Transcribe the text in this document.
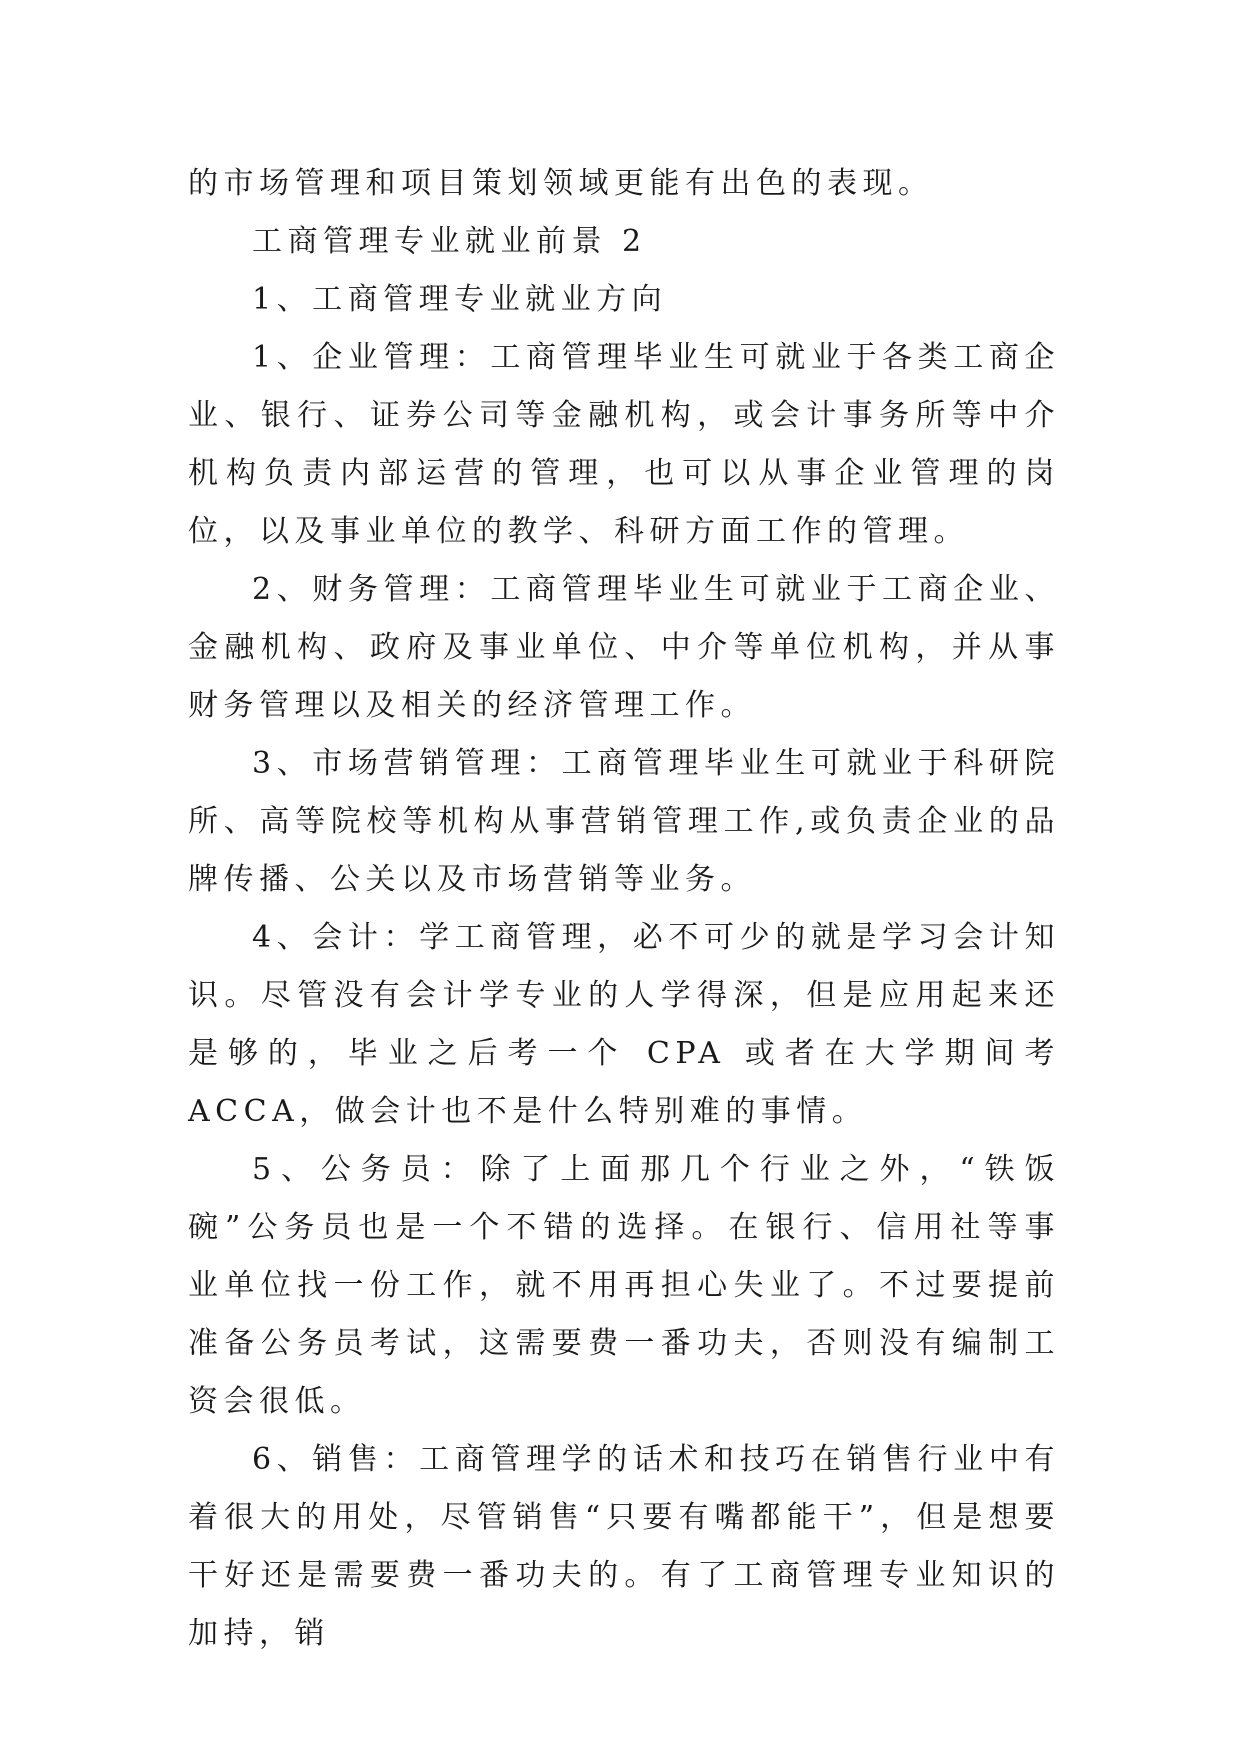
的市场管理和项目策划领域更能有出色的表现。

工商管理专业就业前景 2

1、工商管理专业就业方向

1、企业管理：工商管理毕业生可就业于各类工商企业、银行、证券公司等金融机构，或会计事务所等中介机构负责内部运营的管理，也可以从事企业管理的岗位，以及事业单位的教学、科研方面工作的管理。

2、财务管理：工商管理毕业生可就业于工商企业、金融机构、政府及事业单位、中介等单位机构，并从事财务管理以及相关的经济管理工作。

3、市场营销管理：工商管理毕业生可就业于科研院所、高等院校等机构从事营销管理工作,或负责企业的品牌传播、公关以及市场营销等业务。

4、会计：学工商管理，必不可少的就是学习会计知识。尽管没有会计学专业的人学得深，但是应用起来还是够的，毕业之后考一个 CPA 或者在大学期间考 ACCA，做会计也不是什么特别难的事情。

5、公务员：除了上面那几个行业之外，“铁饭碗”公务员也是一个不错的选择。在银行、信用社等事业单位找一份工作，就不用再担心失业了。不过要提前准备公务员考试，这需要费一番功夫，否则没有编制工资会很低。

6、销售：工商管理学的话术和技巧在销售行业中有着很大的用处，尽管销售“只要有嘴都能干”，但是想要干好还是需要费一番功夫的。有了工商管理专业知识的加持，销
